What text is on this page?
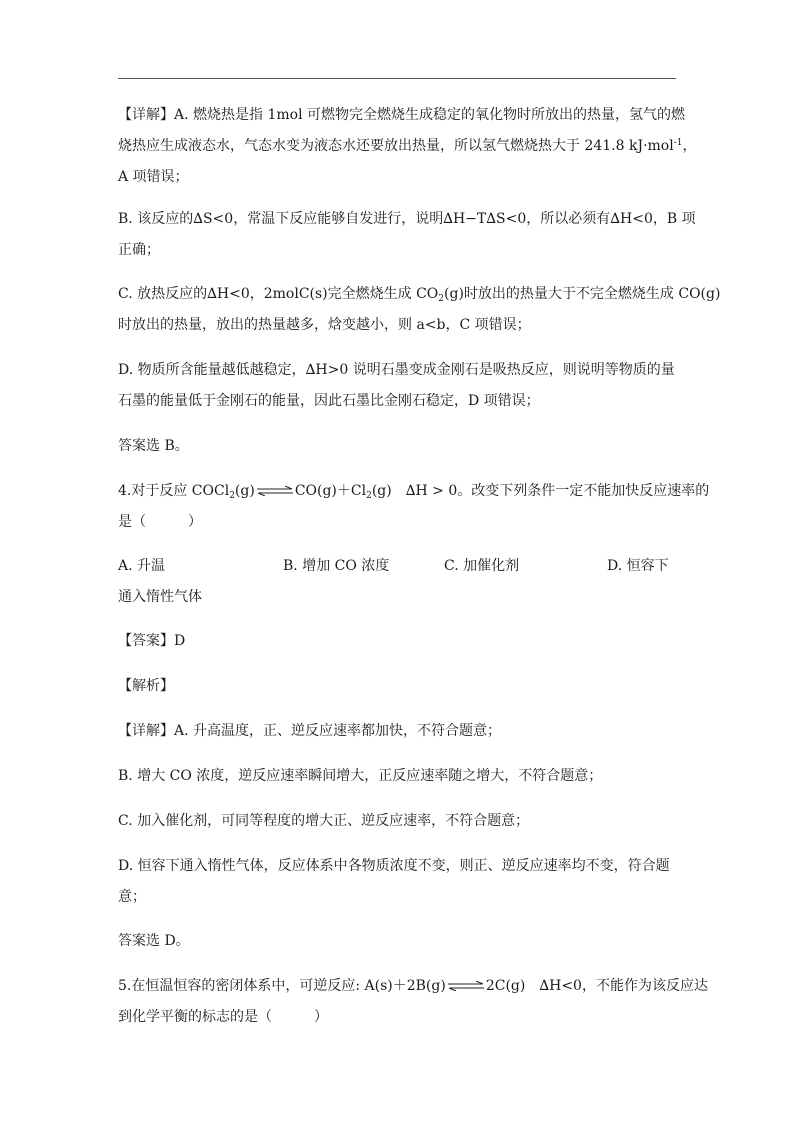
【详解】A. 燃烧热是指 1mol 可燃物完全燃烧生成稳定的氧化物时所放出的热量，氢气的燃
烧热应生成液态水，气态水变为液态水还要放出热量，所以氢气燃烧热大于 241.8 kJ·mol$^{-1}$，
A 项错误；
B. 该反应的∆S<0，常温下反应能够自发进行，说明∆H−T∆S<0，所以必须有∆H<0，B 项
正确；
C. 放热反应的∆H<0，2molC(s)完全燃烧生成 $CO_2(g)$时放出的热量大于不完全燃烧生成 CO(g)
时放出的热量，放出的热量越多，焓变越小，则 a<b，C 项错误；
D. 物质所含能量越低越稳定，∆H>0 说明石墨变成金刚石是吸热反应，则说明等物质的量
石墨的能量低于金刚石的能量，因此石墨比金刚石稳定，D 项错误；
答案选 B。
4.对于反应 $COCl_2(g)\rightleftharpoons CO(g)+Cl_2(g)$　∆H > 0。改变下列条件一定不能加快反应速率的
是（　　　）
A. 升温	B. 增加 CO 浓度	C. 加催化剂	D. 恒容下
通入惰性气体
【答案】D
【解析】
【详解】A. 升高温度，正、逆反应速率都加快，不符合题意；
B. 增大 CO 浓度，逆反应速率瞬间增大，正反应速率随之增大，不符合题意；
C. 加入催化剂，可同等程度的增大正、逆反应速率，不符合题意；
D. 恒容下通入惰性气体，反应体系中各物质浓度不变，则正、逆反应速率均不变，符合题
意；
答案选 D。
5.在恒温恒容的密闭体系中，可逆反应: A(s)＋2B(g)⇌2C(g)　∆H<0，不能作为该反应达
到化学平衡的标志的是（　　　）
